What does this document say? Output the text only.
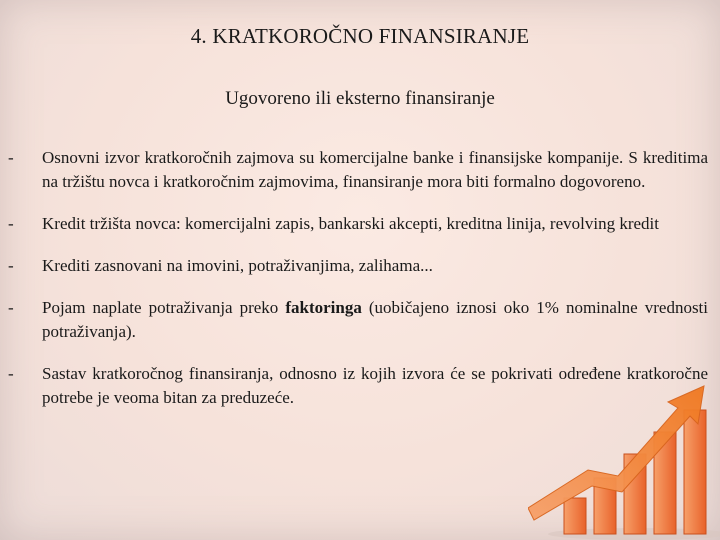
4. KRATKOROČNO FINANSIRANJE
Ugovoreno ili eksterno finansiranje
- Osnovni izvor kratkoročnih zajmova su komercijalne banke i finansijske kompanije. S kreditima na tržištu novca i kratkoročnim zajmovima, finansiranje mora biti formalno dogovoreno.
- Kredit tržišta novca: komercijalni zapis, bankarski akcepti, kreditna linija, revolving kredit
- Krediti zasnovani na imovini, potraživanjima, zalihama...
- Pojam naplate potraživanja preko faktoringa (uobičajeno iznosi oko 1% nominalne vrednosti potraživanja).
- Sastav kratkoročnog finansiranja, odnosno iz kojih izvora će se pokrivati određene kratkoročne potrebe je veoma bitan za preduzeće.
